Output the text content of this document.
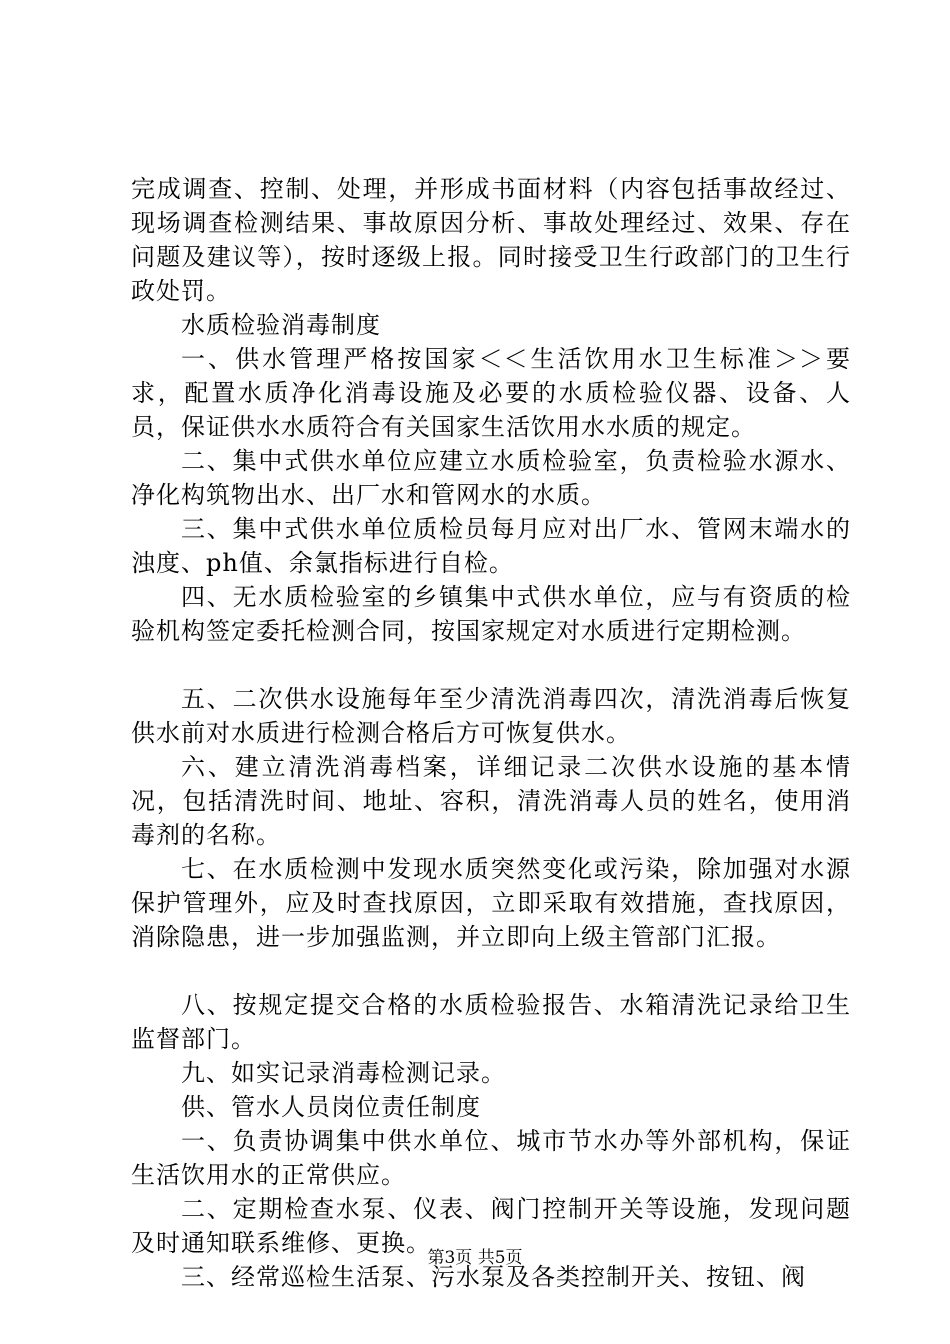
完成调查、控制、处理，并形成书面材料（内容包括事故经过、现场调查检测结果、事故原因分析、事故处理经过、效果、存在问题及建议等），按时逐级上报。同时接受卫生行政部门的卫生行政处罚。

水质检验消毒制度

一、供水管理严格按国家＜＜生活饮用水卫生标准＞＞要求，配置水质净化消毒设施及必要的水质检验仪器、设备、人员，保证供水水质符合有关国家生活饮用水水质的规定。

二、集中式供水单位应建立水质检验室，负责检验水源水、净化构筑物出水、出厂水和管网水的水质。

三、集中式供水单位质检员每月应对出厂水、管网末端水的浊度、ph值、余氯指标进行自检。

四、无水质检验室的乡镇集中式供水单位，应与有资质的检验机构签定委托检测合同，按国家规定对水质进行定期检测。

五、二次供水设施每年至少清洗消毒四次，清洗消毒后恢复供水前对水质进行检测合格后方可恢复供水。

六、建立清洗消毒档案，详细记录二次供水设施的基本情况，包括清洗时间、地址、容积，清洗消毒人员的姓名，使用消毒剂的名称。

七、在水质检测中发现水质突然变化或污染，除加强对水源保护管理外，应及时查找原因，立即采取有效措施，查找原因，消除隐患，进一步加强监测，并立即向上级主管部门汇报。

八、按规定提交合格的水质检验报告、水箱清洗记录给卫生监督部门。

九、如实记录消毒检测记录。

供、管水人员岗位责任制度

一、负责协调集中供水单位、城市节水办等外部机构，保证生活饮用水的正常供应。

二、定期检查水泵、仪表、阀门控制开关等设施，发现问题及时通知联系维修、更换。

三、经常巡检生活泵、污水泵及各类控制开关、按钮、阀

第3页 共5页
